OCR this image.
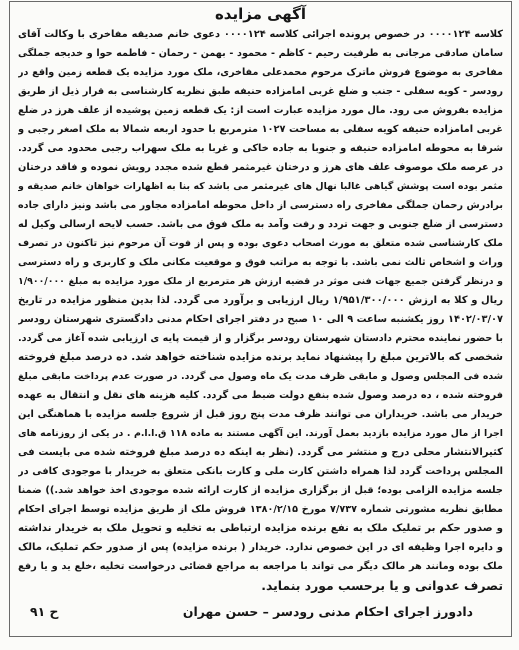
آگهی مزایده
کلاسه ۰۰۰۰۱۲۴ در خصوص پرونده اجرائی کلاسه ۰۰۰۰۱۲۴ دعوی خانم صدیقه مفاخری با وکالت آقای
سامان صادقی مرجانی به طرفیت رحیم - کاظم - محمود - بهمن - رحمان - فاطمه حوا و خدیجه جملگی
مفاخری به موضوع فروش ماترک مرحوم محمدعلی مفاخری، ملک مورد مزایده یک قطعه زمین واقع در
رودسر - کویه سفلی - جنب و ضلع غربی امامزاده حنیفه طبق نظریه کارشناسی به قرار ذیل از طریق
مزایده بفروش می رود. مال مورد مزایده عبارت است از: یک قطعه زمین پوشیده از علف هرز در ضلع
غربی امامزاده حنیفه کویه سفلی به مساحت ۱۰۲۷ مترمربع با حدود اربعه شمالا به ملک اصغر رجبی و
شرقا به محوطه امامزاده حنیفه و جنوبا به جاده خاکی و غربا به ملک سهراب رجبی محدود می گردد.
در عرصه ملک موصوف علف های هرز و درختان غیرمثمر قطع شده مجدد رویش نموده و فاقد درختان
مثمر بوده است پوشش گیاهی غالبا نهال های غیرمثمر می باشد که بنا به اظهارات خواهان خانم صدیقه و
برادرش رحمان جملگی مفاخری راه دسترسی از داخل محوطه امامزاده مجاور می باشد ونیز دارای جاده
دسترسی از ضلع جنوبی و جهت تردد و رفت وآمد به ملک فوق می باشد. حسب لایحه ارسالی وکیل له
ملک کارشناسی شده متعلق به مورث اصحاب دعوی بوده و پس از فوت آن مرحوم نیز تاکنون در تصرف
وراث و اشخاص ثالث نمی باشد. با توجه به مراتب فوق و موقعیت مکانی ملک و کاربری و راه دسترسی
و درنظر گرفتن جمیع جهات فنی موثر در قضیه ارزش هر مترمربع از ملک مورد مزایده به مبلغ ۱/۹۰۰/۰۰۰
ریال و کلا به ارزش ۱/۹۵۱/۳۰۰/۰۰۰ ریال ارزیابی و برآورد می گردد. لذا بدین منظور مزایده در تاریخ
۱۴۰۲/۰۳/۰۷ روز یکشنبه ساعت ۹ الی ۱۰ صبح در دفتر اجرای احکام مدنی دادگستری شهرستان رودسر
با حضور نماینده محترم دادستان شهرستان رودسر برگزار و از قیمت پایه ی ارزیابی شده آغاز می گردد.
شخصی که بالاترین مبلغ را پیشنهاد نماید برنده مزایده شناخته خواهد شد. ده درصد مبلغ فروخته
شده فی المجلس وصول و مابقی ظرف مدت یک ماه وصول می گردد. در صورت عدم پرداخت مابقی مبلغ
فروخته شده ، ده درصد وصول شده بنفع دولت ضبط می گردد. کلیه هزینه های نقل و انتقال به عهده
خریدار می باشد. خریداران می توانند ظرف مدت پنج روز قبل از شروع جلسه مزایده با هماهنگی این
اجرا از مال مورد مزایده بازدید بعمل آورند. این آگهی مستند به ماده ۱۱۸ ق.ا.ا.م . در یکی از روزنامه های
کثیرالانتشار محلی درج و منتشر می گردد. (نظر به اینکه ده درصد مبلغ فروخته شده می بایست فی
المجلس پرداخت گردد لذا همراه داشتن کارت ملی و کارت بانکی متعلق به خریدار با موجودی کافی در
جلسه مزایده الزامی بوده؛ قبل از برگزاری مزایده از کارت ارائه شده موجودی اخذ خواهد شد.)) ضمنا
مطابق نظریه مشورتی شماره ۷/۷۳۷ مورخ ۱۳۸۰/۲/۱۵ فروش ملک از طریق مزایده توسط اجرای احکام
و صدور حکم بر تملیک ملک به نفع برنده مزایده ارتباطی به تخلیه و تحویل ملک به خریدار نداشته
و دایره اجرا وظیفه ای در این خصوص ندارد. خریدار ( برنده مزایده) پس از صدور حکم تملیک، مالک
ملک بوده ومانند هر مالک دیگر می تواند با مراجعه به مراجع قضائی درخواست تخلیه ،خلع ید و یا رفع
تصرف عدوانی و یا برحسب مورد بنماید.
دادورز اجرای احکام مدنی رودسر – حسن مهران
ح ۹۱
